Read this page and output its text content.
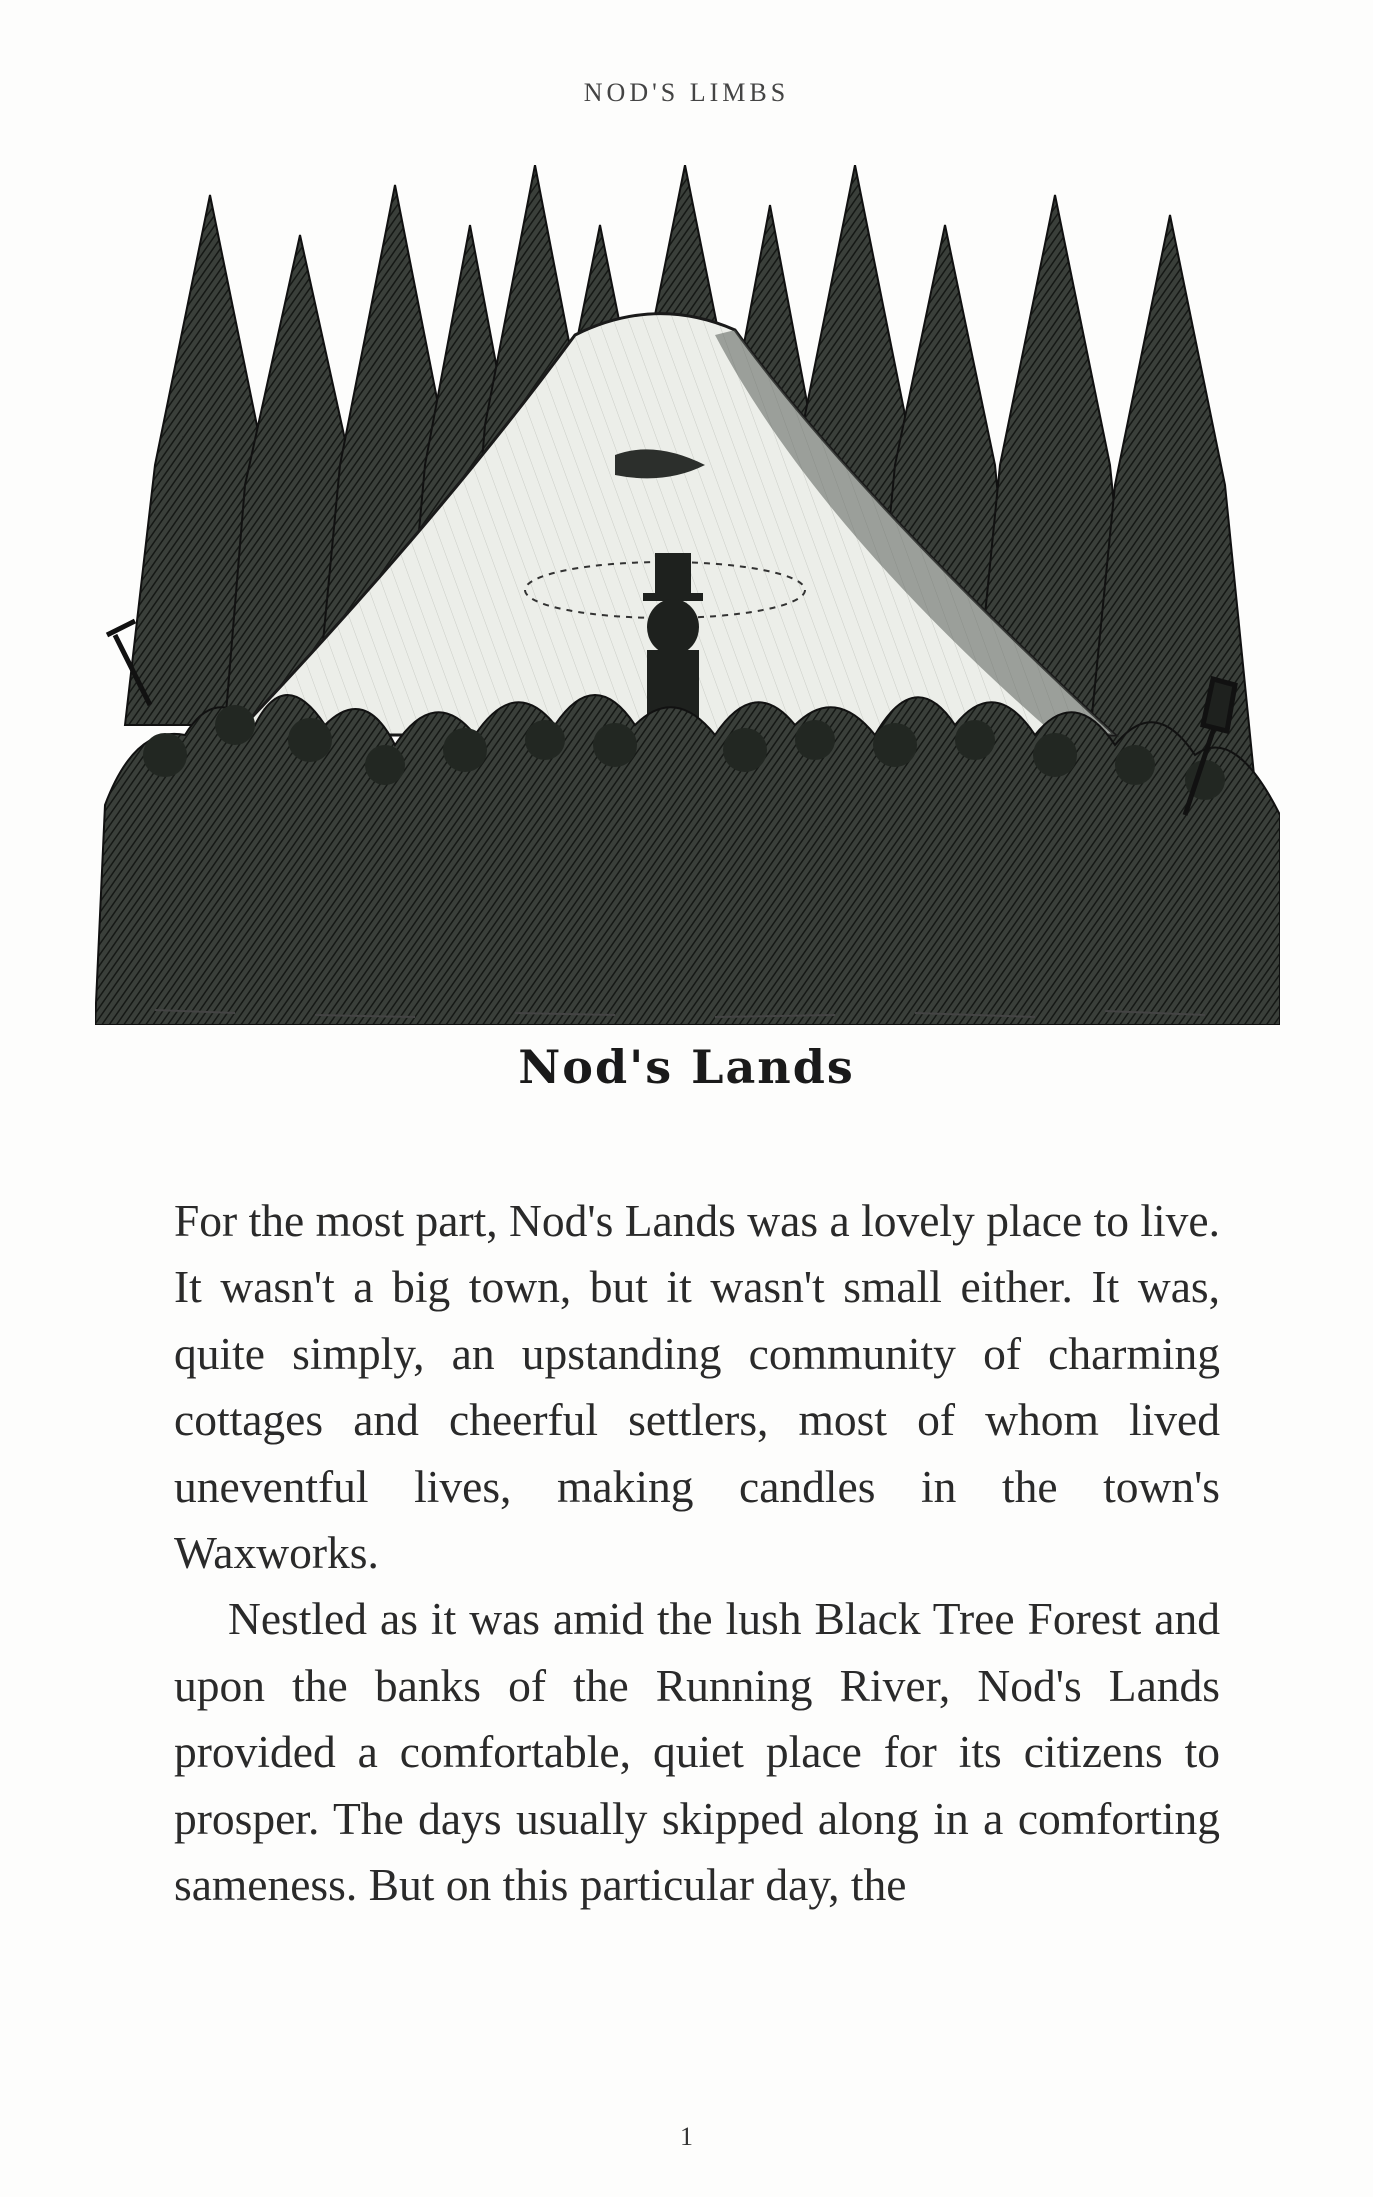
NOD'S LIMBS
Nod's Lands

For the most part, Nod's Lands was a lovely place to live. It wasn't a big town, but it wasn't small either. It was, quite simply, an upstanding community of charming cottages and cheerful settlers, most of whom lived uneventful lives, making candles in the town's Waxworks.

Nestled as it was amid the lush Black Tree Forest and upon the banks of the Running River, Nod's Lands provided a comfortable, quiet place for its citizens to prosper. The days usually skipped along in a comforting sameness. But on this particular day, the

1
